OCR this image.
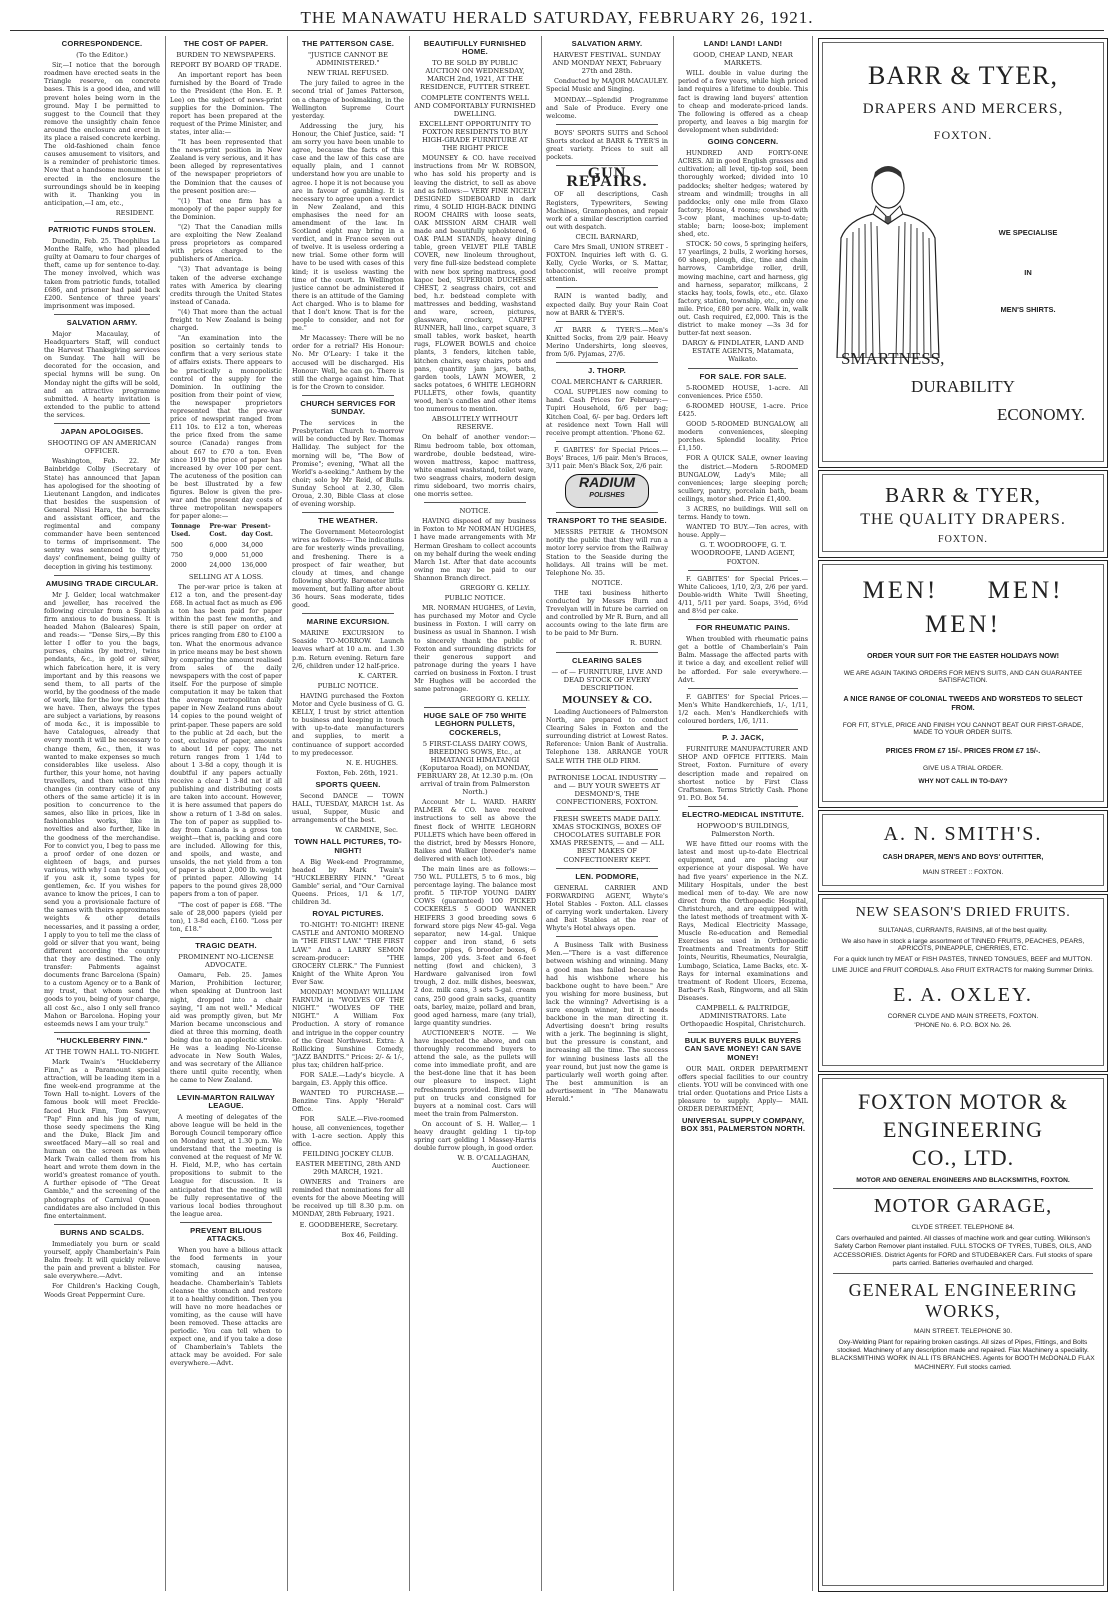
THE MANAWATU HERALD SATURDAY, FEBRUARY 26, 1921.
CORRESPONDENCE.
(To the Editor.)

Sir,—I notice that the borough roadmen have erected seats in the Triangle reserve, on concrete bases. This is a good idea, and will prevent holes being worn in the ground. May I be permitted to suggest to the Council that they remove the unsightly chain fence around the enclosure and erect in its place a raised concrete kerbing. The old-fashioned chain fence causes amusement to visitors, and is a reminder of prehistoric times. Now that a handsome monument is erected in the enclosure the surroundings should be in keeping with it. Thanking you in anticipation,—I am, etc.,

RESIDENT.
PATRIOTIC FUNDS STOLEN.

Dunedin, Feb. 25. Theophilus La Monthe Ralfe, who had pleaded guilty at Oamaru to four charges of theft, came up for sentence to-day. The money involved, which was taken from patriotic funds, totalled £686, and prisoner had paid back £200. Sentence of three years' imprisonment was imposed.

SALVATION ARMY.

Major Macaulay, of Headquarters Staff, will conduct the Harvest Thanksgiving services on Sunday. The hall will be decorated for the occasion, and special hymns will be sung. On Monday night the gifts will be sold, and an attractive programme submitted. A hearty invitation is extended to the public to attend the services.

JAPAN APOLOGISES.
SHOOTING OF AN AMERICAN OFFICER.

Washington, Feb. 22. Mr Bainbridge Colby (Secretary of State) has announced that Japan has apologised for the shooting of Lieutenant Langdon, and indicates that besides the suspension of General Nissi Hara, the barracks and assistant officer, and the regimental and company commander have been sentenced to terms of imprisonment. The sentry was sentenced to thirty days' confinement, being guilty of deception in giving his testimony.

AMUSING TRADE CIRCULAR.

Mr J. Gelder, local watchmaker and jeweller, has received the following circular from a Spanish firm anxious to do business. It is headed Mahon (Baleares) Spain, and reads:— "Dense Sirs,—By this letter I offer to you the bags, purses, chains (by metre), twins pendants, &c., in gold or silver, which fabrication here, it is very important and by this reasons we send them, to all parts of the world, by the goodness of the made of work, like for the low prices that we have. Then, always the types are subject a variations, by reasons of moda &c., it is impossible to have Catalogues, already that every month it will be necessary to change them, &c., then, it was wanted to make expenses so much considerables like useless. Also further, this your home, not having travellers, and then without this changes (in contrary case of any others of the same article) it is in position to concurrence to the sames, also like in prices, like in fashionables works, like in novelties and also further, like in the goodness of the merchandise. For to convict you, I beg to pass me a proof order of one dozen or eighteen of bags, and purses various, with why I can to sold you, if you ask it, some types for gentlemen, &c. If you wishes for avance to know the prices, I can to send you a provisionale facture of the sames with theirs approximates weights & other details necessaries, and it passing a order, I apply to you to tell me the class of gold or silver that you want, being different according the country that they are destined. The only transfer: Pabments against documents franc Barcelona (Spain) to a custom Agency or to a Bank of my trust, that whom send the goods to you, being of your charge, all cost &c., also I only sell franco Mahon or Barcelona. Hoping your esteemds news I am your truly."

"HUCKLEBERRY FINN."
AT THE TOWN HALL TO-NIGHT.

Mark Twain's "Huckleberry Finn," as a Paramount special attraction, will be leading item in a fine week-end programme at the Town Hall to-night. Lovers of the famous book will meet Freckle-faced Huck Finn, Tom Sawyer, "Pap" Finn and his jug of rum, those seedy specimens the King and the Duke, Black Jim and sweetfaced Mary—all so real and human on the screen as when Mark Twain called them from his heart and wrote them down in the world's greatest romance of youth. A further episode of "The Great Gamble," and the screening of the photographs of Carnival Queen candidates are also included in this fine entertainment.

BURNS AND SCALDS.

Immediately you burn or scald yourself, apply Chamberlain's Pain Balm freely. It will quickly relieve the pain and prevent a blister. For sale everywhere.—Advt.

For Children's Hacking Cough, Woods Great Peppermint Cure.

THE COST OF PAPER.
BURDEN TO NEWSPAPERS.
REPORT BY BOARD OF TRADE.

An important report has been furnished by the Board of Trade to the President (the Hon. E. P. Lee) on the subject of news-print supplies for the Dominion. The report has been prepared at the request of the Prime Minister, and states, inter alia:—

"It has been represented that the news-print position in New Zealand is very serious, and it has been alleged by representatives of the newspaper proprietors of the Dominion that the causes of the present position are:—

"(1) That one firm has a monopoly of the paper supply for the Dominion.

"(2) That the Canadian mills are exploiting the New Zealand press proprietors as compared with prices charged to the publishers of America.

"(3) That advantage is being taken of the adverse exchange rates with America by clearing credits through the United States instead of Canada.

"(4) That more than the actual freight to New Zealand is being charged.

"An examination into the position so certainly tends to confirm that a very serious state of affairs exists. There appears to be practically a monopolistic control of the supply for the Dominion. In outlining the position from their point of view, the newspaper proprietors represented that the pre-war price of newsprint ranged from £11 10s. to £12 a ton, whereas the price fixed from the same source (Canada) ranges from about £67 to £70 a ton. Even since 1919 the price of paper has increased by over 100 per cent. The acuteness of the position can be best illustrated by a few figures. Below is given the pre-war and the present day costs of three metropolitan newspapers for paper alone:—

Tonnage Used.	Pre-war Cost.	Present-day Cost.
500	6,000	34,000
750	9,000	51,000
2000	24,000	136,000
SELLING AT A LOSS.

The per-war price is taken at £12 a ton, and the present-day £68. In actual fact as much as £96 a ton has been paid for paper within the past few months, and there is still paper on order at prices ranging from £80 to £100 a ton. What the enormous advance in price means may be best shown by comparing the amount realised from sales of the daily newspapers with the cost of paper itself. For the purpose of simple computation it may be taken that the average metropolitan daily paper in New Zealand runs about 14 copies to the pound weight of print-paper. These papers are sold to the public at 2d each, but the cost, exclusive of paper, amounts to about 1d per copy. The net return ranges from 1 1/4d to about 1 3-8d a copy, though it is doubtful if any papers actually receive a clear 1 3-8d net if all publishing and distributing costs are taken into account. However, it is here assumed that papers do show a return of 1 3-8d on sales. The ton of paper as supplied to-day from Canada is a gross ton weight—that is, packing and core are included. Allowing for this, and spoils, and waste, and unsolds, the net yield from a ton of paper is about 2,000 lb. weight of printed paper. Allowing 14 papers to the pound gives 28,000 papers from a ton of paper.

"The cost of paper is £68. "The sale of 28,000 papers (yield per ton), 1 3-8d each, £160. "Loss per ton, £18."

TRAGIC DEATH.
PROMINENT NO-LICENSE ADVOCATE.

Oamaru, Feb. 25. James Marion, Prohibition lecturer, when speaking at Duntroon last night, dropped into a chair saying, "I am not well." Medical aid was promptly given, but Mr Marion became unconscious and died at three this morning, death being due to an apoplectic stroke. He was a leading No-License advocate in New South Wales, and was secretary of the Alliance there until quite recently, when he came to New Zealand.

LEVIN-MARTON RAILWAY LEAGUE.

A meeting of delegates of the above league will be held in the Borough Council temporary office on Monday next, at 1.30 p.m. We understand that the meeting is convened at the request of Mr W. H. Field, M.P., who has certain propositions to submit to the League for discussion. It is anticipated that the meeting will be fully representative of the various local bodies throughout the league area.

PREVENT BILIOUS ATTACKS.

When you have a bilious attack the food ferments in your stomach, causing nausea, vomiting and an intense headache. Chamberlain's Tablets cleanse the stomach and restore it to a healthy condition. Then you will have no more headaches or vomiting, as the cause will have been removed. These attacks are periodic. You can tell when to expect one, and if you take a dose of Chamberlain's Tablets the attack may be avoided. For sale everywhere.—Advt.

THE PATTERSON CASE.
"JUSTICE CANNOT BE ADMINISTERED."
NEW TRIAL REFUSED.

The jury failed to agree in the second trial of James Patterson, on a charge of bookmaking, in the Wellington Supreme Court yesterday.

Addressing the jury, his Honour, the Chief Justice, said: "I am sorry you have been unable to agree, because the facts of this case and the law of this case are equally plain, and I cannot understand how you are unable to agree. I hope it is not because you are in favour of gambling. It is necessary to agree upon a verdict in New Zealand, and this emphasises the need for an amendment of the law. In Scotland eight may bring in a verdict, and in France seven out of twelve. It is useless ordering a new trial. Some other form will have to be used with cases of this kind; it is useless wasting the time of the court. In Wellington justice cannot be administered if there is an attitude of the Gaming Act charged. Who is to blame for that I don't know. That is for the people to consider, and not for me."

Mr Macassey: There will be no order for a retrial? His Honour: No. Mr O'Leary: I take it the accused will be discharged. His Honour: Well, he can go. There is still the charge against him. That is for the Crown to consider.

CHURCH SERVICES FOR SUNDAY.

The services in the Presbyterian Church to-morrow will be conducted by Rev. Thomas Halliday. The subject for the morning will be, "The Bow of Promise"; evening, "What all the World's a-seeking." Anthem by the choir; solo by Mr Reid, of Bulls. Sunday School at 2.30, Glen Oroua, 2.30, Bible Class at close of evening worship.

THE WEATHER.

The Government Meteorologist wires as follows:— The indications are for westerly winds prevailing, and freshening. There is a prospect of fair weather, but cloudy at times, and change following shortly. Barometer little movement, but falling after about 36 hours. Seas moderate, tides good.

MARINE EXCURSION.

MARINE EXCURSION to Seaside TO-MORROW. Launch leaves wharf at 10 a.m. and 1.30 p.m. Return evening. Return fare 2/6, children under 12 half-price.

K. CARTER.
PUBLIC NOTICE.

HAVING purchased the Foxton Motor and Cycle business of G. G. KELLY, I trust by strict attention to business and keeping in touch with up-to-date manufacturers and supplies, to merit a continuance of support accorded to my predecessor.

N. E. HUGHES.
Foxton, Feb. 26th, 1921.
SPORTS QUEEN.

Second DANCE — TOWN HALL, TUESDAY, MARCH 1st. As usual, Supper, Music and arrangements of the best.

W. CARMINE, Sec.
TOWN HALL PICTURES, TO-NIGHT!

A Big Week-end Programme, headed by Mark Twain's "HUCKLEBERRY FINN." "Great Gamble" serial, and "Our Carnival Queens. Prices, 1/1 & 1/7, children 3d.

ROYAL PICTURES.

TO-NIGHT! TO-NIGHT! IRENE CASTLE and ANTONIO MORENO in "THE FIRST LAW." "THE FIRST LAW." And a LARRY SEMON scream-producer: "THE GROCERY CLERK." The Funniest Knight of the White Apron You Ever Saw.

MONDAY! MONDAY! WILLIAM FARNUM in "WOLVES OF THE NIGHT." "WOLVES OF THE NIGHT." A William Fox Production. A story of romance and intrigue in the copper country of the Great Northwest. Extra: A Rollicking Sunshine Comedy, "JAZZ BANDITS." Prices: 2/- & 1/-, plus tax; children half-price.

FOR SALE.—Lady's bicycle. A bargain, £3. Apply this office.

WANTED TO PURCHASE.—Benzine Tins. Apply "Herald" Office.

FOR SALE.—Five-roomed house, all conveniences, together with 1-acre section. Apply this office.

FEILDING JOCKEY CLUB.
EASTER MEETING, 28th AND 29th MARCH, 1921.

OWNERS and Trainers are reminded that nominations for all events for the above Meeting will be received up till 8.30 p.m. on MONDAY, 28th February, 1921.

E. GOODBEHERE, Secretary.
Box 46, Feilding.
BEAUTIFULLY FURNISHED HOME.
TO BE SOLD BY PUBLIC AUCTION ON WEDNESDAY, MARCH 2nd, 1921, AT THE RESIDENCE, FUTTER STREET.
COMPLETE CONTENTS WELL AND COMFORTABLY FURNISHED DWELLING.
EXCELLENT OPPORTUNITY TO FOXTON RESIDENTS TO BUY HIGH-GRADE FURNITURE AT THE RIGHT PRICE

MOUNSEY & CO. have received instructions from Mr W. ROBSON, who has sold his property and is leaving the district, to sell as above and as follows:— VERY FINE NICELY DESIGNED SIDEBOARD in dark rimu, 4 SOLID HIGH-BACK DINING ROOM CHAIRS with loose seats, OAK MISSION ARM CHAIR well made and beautifully upholstered, 6 OAK PALM STANDS, heavy dining table, green VELVET PILE TABLE COVER, new linoleum throughout, very fine full-size bedstead complete with new box spring mattress, good kapoc bed, SUPERIOR DUCHESSE CHEST, 2 seagrass chairs, cot and bed, h.r. bedstead complete with mattresses and bedding, washstand and ware, screen, pictures, glassware, crockery, CARPET RUNNER, hall lino., carpet square, 3 small tables, work basket, hearth rugs, FLOWER BOWLS and choice plants, 3 fenders, kitchen table, kitchen chairs, easy chairs, pots and pans, quantity jam jars, baths, garden tools, LAWN MOWER, 2 sacks potatoes, 6 WHITE LEGHORN PULLETS, other fowls, quantity wood, hen's candles and other items too numerous to mention.

ABSOLUTELY WITHOUT RESERVE.

On behalf of another vendor:— Rimu bedroom table, box ottoman, wardrobe, double bedstead, wire-woven mattress, kapoc mattress, white enamel washstand, toilet ware, two seagrass chairs, modern design rimu sideboard, two morris chairs, one morris settee.

NOTICE.

HAVING disposed of my business in Foxton to Mr NORMAN HUGHES, I have made arrangements with Mr Herman Gresham to collect accounts on my behalf during the week ending March 1st. After that date accounts owing me may be paid to our Shannon Branch direct.

GREGORY G. KELLY.
PUBLIC NOTICE.

MR. NORMAN HUGHES, of Levin, has purchased my Motor and Cycle business in Foxton. I will carry on business as usual in Shannon. I wish to sincerely thank the public of Foxton and surrounding districts for their generous support and patronage during the years I have carried on business in Foxton. I trust Mr Hughes will be accorded the same patronage.

GREGORY G. KELLY.
HUGE SALE OF 750 WHITE LEGHORN PULLETS, COCKERELS,
5 FIRST-CLASS DAIRY COWS, BREEDING SOWS, Etc., at HIMATANGI HIMATANGI (Koputaroa Road), on MONDAY, FEBRUARY 28, At 12.30 p.m. (On arrival of train from Palmerston North.)

Account Mr L. WARD. HARRY PALMER & CO. have received instructions to sell as above the finest flock of WHITE LEGHORN PULLETS which have been offered in the district, bred by Messrs Honore, Raikes and Walker (breeder's name delivered with each lot).

The main lines are as follows:— 750 W.L. PULLETS, 5 to 6 mos., big percentage laying. The balance most profit. 5 TIP-TOP YOUNG DAIRY COWS (guaranteed) 100 PICKED COCKERELS 5 GOOD WANNER HEIFERS 3 good breeding sows 6 forward store pigs New 45-gal. Vega separator, new 14-gal. Unique copper and iron stand, 6 sets brooder pipes, 6 brooder boxes, 6 lamps, 200 yds. 3-feet and 6-feet netting (fowl and chicken), 3 Hardware galvanised iron fowl trough, 2 doz. milk dishes, beeswax, 2 doz. milk cans, 3 sets 5-gal. cream cans, 250 good grain sacks, quantity oats, barley, maize, pollard and bran, good aged harness, mare (any trial), large quantity sundries.

AUCTIONEER'S NOTE. — We have inspected the above, and can thoroughly recommend buyers to attend the sale, as the pullets will come into immediate profit, and are the best-done line that it has been our pleasure to inspect. Light refreshments provided. Birds will be put on trucks and consigned for buyers at a nominal cost. Cars will meet the train from Palmerston.

On account of S. H. Waller,— 1 heavy draught gelding 1 tip-top spring cart gelding 1 Massey-Harris double furrow plough, in good order.

W. B. O'CALLAGHAN, Auctioneer.
SALVATION ARMY.
HARVEST FESTIVAL. SUNDAY AND MONDAY NEXT, February 27th and 28th.

Conducted by MAJOR MACAULEY. Special Music and Singing.

MONDAY.—Splendid Programme and Sale of Produce. Every one welcome.

BOYS' SPORTS SUITS and School Shorts stocked at BARR & TYER'S in great variety. Prices to suit all pockets.

GUN REPAIRS.

OF all descriptions, Cash Registers, Typewriters, Sewing Machines, Gramophones, and repair work of a similar description carried out with despatch.

CECIL BARNARD,

Care Mrs Small, UNION STREET - FOXTON. Inquiries left with G. G. Kelly, Cycle Works, or S. Mattar, tobacconist, will receive prompt attention.

RAIN is wanted badly, and expected daily. Buy your Rain Coat now at BARR & TYER'S.

AT BARR & TYER'S.—Men's Knitted Socks, from 2/9 pair. Heavy Merino Undershirts, long sleeves, from 5/6. Pyjamas, 27/6.

J. THORP.
COAL MERCHANT & CARRIER.

COAL SUPPLIES now coming to hand. Cash Prices for February:—Tupiri Household, 6/6 per bag; Kitchen Coal, 6/- per bag. Orders left at residence next Town Hall will receive prompt attention. 'Phone 62.

F. GABITES' for Special Prices.— Boys' Braces, 1/6 pair. Men's Braces, 3/11 pair. Men's Black Sox, 2/6 pair.

RADIUM
POLISHES
TRANSPORT TO THE SEASIDE.

MESSRS PETRIE & THOMSON notify the public that they will run a motor lorry service from the Railway Station to the Seaside during the holidays. All trains will be met. Telephone No. 35.

NOTICE.

THE taxi business hitherto conducted by Messrs Burn and Trevelyan will in future be carried on and controlled by Mr R. Burn, and all accounts owing to the late firm are to be paid to Mr Burn.

R. BURN.
CLEARING SALES
— of — FURNITURE, LIVE AND DEAD STOCK OF EVERY DESCRIPTION.
MOUNSEY & CO.

Leading Auctioneers of Palmerston North, are prepared to conduct Clearing Sales in Foxton and the surrounding district at Lowest Rates. Reference: Union Bank of Australia. Telephone 138. ARRANGE YOUR SALE WITH THE OLD FIRM.

PATRONISE LOCAL INDUSTRY — and — BUY YOUR SWEETS AT DESMOND'S, THE CONFECTIONERS, FOXTON.
FRESH SWEETS MADE DAILY. XMAS STOCKINGS, BOXES OF CHOCOLATES SUITABLE FOR XMAS PRESENTS, — and — ALL BEST MAKES OF CONFECTIONERY KEPT.
LEN. PODMORE,

GENERAL CARRIER AND FORWARDING AGENT, Whyte's Hotel Stables - Foxton. ALL classes of carrying work undertaken. Livery and Bait Stables at the rear of Whyte's Hotel always open.

A Business Talk with Business Men.—"There is a vast difference between wishing and winning. Many a good man has failed because he had his wishbone where his backbone ought to have been." Are you wishing for more business, but lack the winning? Advertising is a sure enough winner, but it needs backbone in the man directing it. Advertising doesn't bring results with a jerk. The beginning is slight, but the pressure is constant, and increasing all the time. The success for winning business lasts all the year round, but just now the game is particularly well worth going after. The best ammunition is an advertisement in "The Manawatu Herald."

LAND! LAND! LAND!
GOOD, CHEAP LAND, NEAR MARKETS.

WILL double in value during the period of a few years, while high priced land requires a lifetime to double. This fact is drawing land buyers' attention to cheap and moderate-priced lands. The following is offered as a cheap property, and leaves a big margin for development when subdivided:

GOING CONCERN.

HUNDRED AND FORTY-ONE ACRES. All in good English grasses and cultivation; all level, tip-top soil, been thoroughly worked; divided into 10 paddocks; shelter hedges; watered by stream and windmill; troughs in all paddocks; only one mile from Glaxo factory; House, 4 rooms; cowshed with 3-cow plant, machines up-to-date; stable; barn; loose-box; implement shed, etc.

STOCK: 50 cows, 5 springing heifers, 17 yearlings, 2 bulls, 2 working horses, 60 sheep, plough, disc, tine and chain harrows, Cambridge roller, drill, mowing machine, cart and harness, gig and harness, separator, milkcans, 2 stacks hay, tools, fowls, etc., etc. Glaxo factory, station, township, etc., only one mile. Price, £80 per acre. Walk in, walk out. Cash required, £2,000. This is the district to make money —3s 3d for butter-fat next season.

DARGY & FINDLATER, LAND AND ESTATE AGENTS, Matamata, Waikato.
FOR SALE. FOR SALE.

5-ROOMED HOUSE, 1-acre. All conveniences. Price £550.

6-ROOMED HOUSE, 1-acre. Price £425.

GOOD 5-ROOMED BUNGALOW, all modern conveniences, sleeping porches. Splendid locality. Price £1,150.

FOR A QUICK SALE, owner leaving the district.—Modern 5-ROOMED BUNGALOW, Lady's Mile; all conveniences; large sleeping porch; scullery, pantry, porcelain bath, beam ceilings, motor shed. Price £1,400.

3 ACRES, no buildings. Will sell on terms. Handy to town.

WANTED TO BUY.—Ten acres, with house. Apply—

G. T. WOODROOFE, G. T. WOODROOFE, LAND AGENT, FOXTON.

F. GABITES' for Special Prices.— White Calicoes, 1/10, 2/3, 2/6 per yard. Double-width White Twill Sheeting, 4/11, 5/11 per yard. Soaps, 3½d, 6½d and 8½d per cake.

FOR RHEUMATIC PAINS.

When troubled with rheumatic pains get a bottle of Chamberlain's Pain Balm. Massage the affected parts with it twice a day, and excellent relief will be afforded. For sale everywhere.—Advt.

F. GABITES' for Special Prices.— Men's White Handkerchiefs, 1/-, 1/11, 1/2 each. Men's Handkerchiefs with coloured borders, 1/6, 1/11.

P. J. JACK,

FURNITURE MANUFACTURER AND SHOP AND OFFICE FITTERS. Main Street, Foxton. Furniture of every description made and repaired on shortest notice by First Class Craftsmen. Terms Strictly Cash. Phone 91. P.O. Box 54.

ELECTRO-MEDICAL INSTITUTE.
HOPWOOD'S BUILDINGS, Palmerston North.

WE have fitted our rooms with the latest and most up-to-date Electrical equipment, and are placing our experience at your disposal. We have had five years' experience in the N.Z. Military Hospitals, under the best medical men of to-day. We are now direct from the Orthopaedic Hospital, Christchurch, and are equipped with the latest methods of treatment with X-Rays, Medical Electricity Massage, Muscle Re-education and Remedial Exercises as used in Orthopaedic Treatments and Treatments for Stiff Joints, Neuritis, Rheumatics, Neuralgia, Lumbago, Sciatica, Lame Backs, etc. X-Rays for internal examinations and treatment of Rodent Ulcers, Eczema, Barber's Rash, Ringworm, and all Skin Diseases.

CAMPBELL & PALTRIDGE, ADMINISTRATORS. Late Orthopaedic Hospital, Christchurch.
BULK BUYERS BULK BUYERS CAN SAVE MONEY! CAN SAVE MONEY!

OUR MAIL ORDER DEPARTMENT offers special facilities to our country clients. YOU will be convinced with one trial order. Quotations and Price Lists a pleasure to supply. Apply— MAIL ORDER DEPARTMENT,

UNIVERSAL SUPPLY COMPANY, BOX 351, PALMERSTON NORTH.
BARR & TYER,
DRAPERS AND MERCERS,
FOXTON.
WE SPECIALISE
IN
MEN'S SHIRTS.
SMARTNESS,
DURABILITY
ECONOMY.
BARR & TYER,
THE QUALITY DRAPERS.
FOXTON.
MEN! MEN!
MEN!
ORDER YOUR SUIT FOR THE EASTER HOLIDAYS NOW!
WE ARE AGAIN TAKING ORDERS FOR MEN'S SUITS, AND CAN GUARANTEE SATISFACTION.
A NICE RANGE OF COLONIAL TWEEDS AND WORSTEDS TO SELECT FROM.
FOR FIT, STYLE, PRICE AND FINISH YOU CANNOT BEAT OUR FIRST-GRADE, MADE TO YOUR ORDER SUITS.
PRICES FROM £7 15/-. PRICES FROM £7 15/-.
GIVE US A TRIAL ORDER.
WHY NOT CALL IN TO-DAY?
A. N. SMITH'S.
CASH DRAPER, MEN'S AND BOYS' OUTFITTER,
MAIN STREET :: FOXTON.
NEW SEASON'S DRIED FRUITS.
SULTANAS, CURRANTS, RAISINS, all of the best quality.
We also have in stock a large assortment of TINNED FRUITS, PEACHES, PEARS, APRICOTS, PINEAPPLE, CHERRIES, ETC.
For a quick lunch try MEAT or FISH PASTES, TINNED TONGUES, BEEF and MUTTON.
LIME JUICE and FRUIT CORDIALS. Also FRUIT EXTRACTS for making Summer Drinks.
E. A. OXLEY.
CORNER CLYDE AND MAIN STREETS, FOXTON.
'PHONE No. 6. P.O. BOX No. 26.
FOXTON MOTOR &
ENGINEERING
CO., LTD.
MOTOR AND GENERAL ENGINEERS AND BLACKSMITHS, FOXTON.
MOTOR GARAGE,
CLYDE STREET. TELEPHONE 84.
Cars overhauled and painted. All classes of machine work and gear cutting. Wilkinson's Safety Carbon Remover plant installed. FULL STOCKS OF TYRES, TUBES, OILS, AND ACCESSORIES. District Agents for FORD and STUDEBAKER Cars. Full stocks of spare parts carried. Batteries overhauled and charged.
GENERAL ENGINEERING WORKS,
MAIN STREET. TELEPHONE 30.
Oxy-Welding Plant for repairing broken castings. All sizes of Pipes, Fittings, and Bolts stocked. Machinery of any description made and repaired. Flax Machinery a speciality. BLACKSMITHING WORK IN ALL ITS BRANCHES. Agents for BOOTH McDONALD FLAX MACHINERY. Full stocks carried.
